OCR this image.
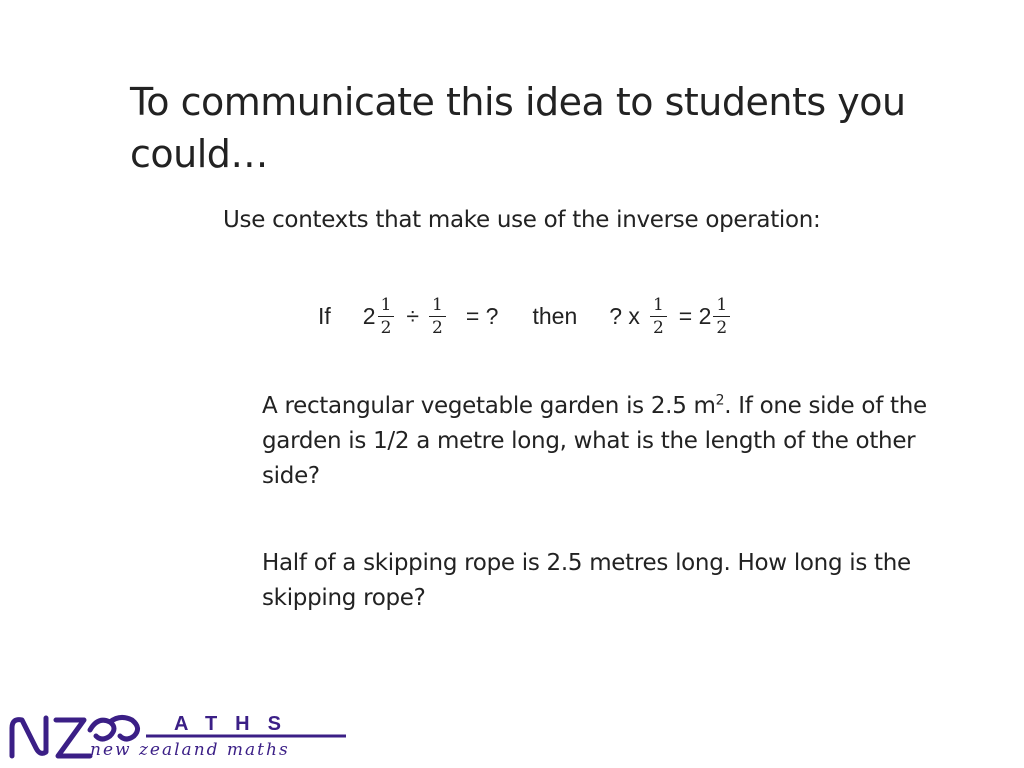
To communicate this idea to students you could…
Use contexts that make use of the inverse operation:
If $2 \frac{1}{2} \div \frac{1}{2}$ = ? then ? x $\frac{1}{2} = 2 \frac{1}{2}$
A rectangular vegetable garden is 2.5 $m^2$. If one side of the garden is 1/2 a metre long, what is the length of the other side?
Half of a skipping rope is 2.5 metres long. How long is the skipping rope?
ATHS
new zealand maths
